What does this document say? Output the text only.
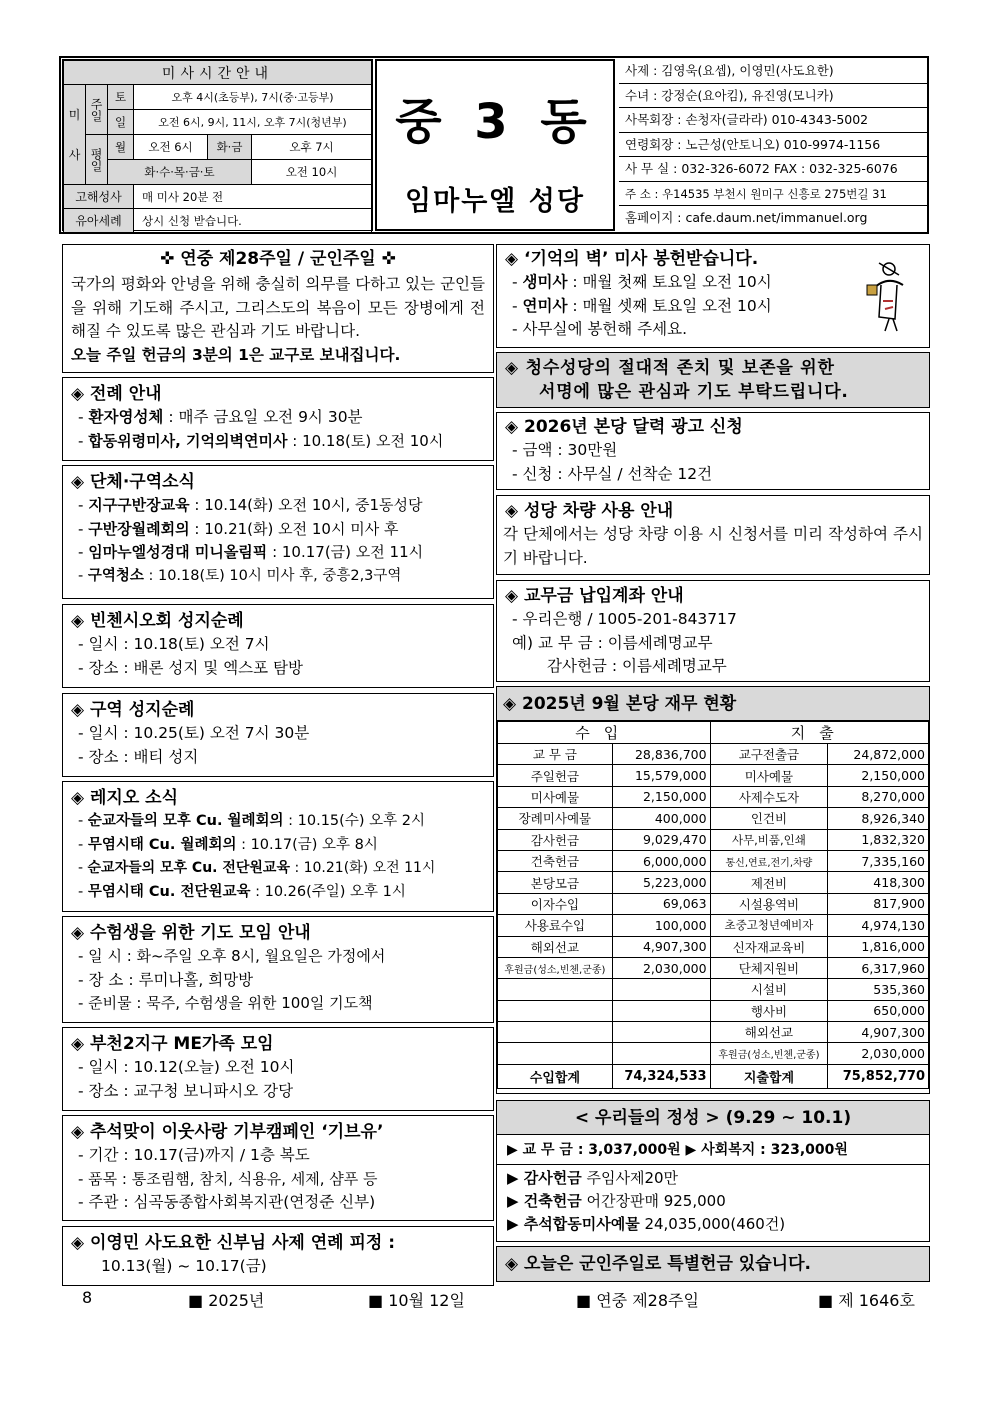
미사시간안내					
미
사	주일	토	오후 4시(초등부), 7시(중·고등부)		
		일	오전 6시, 9시, 11시, 오후 7시(청년부)		
	평일	월	오전 6시	화·금	오후 7시
		화·수·목·금·토			오전 10시
고해성사			매 미사 20분 전		
유아세례			상시 신청 받습니다.		
중 3 동
임마누엘 성당
사제 : 김영욱(요셉), 이영민(사도요한)
수녀 : 강정순(요아킴), 유진영(모니카)
사목회장 : 손청자(글라라) 010-4343-5002
연령회장 : 노근성(안토니오) 010-9974-1156
사 무 실 : 032-326-6072 FAX : 032-325-6076
주 소 : 우14535 부천시 원미구 신흥로 275번길 31
홈페이지 : cafe.daum.net/immanuel.org
✜ 연중 제28주일 / 군인주일 ✜
국가의 평화와 안녕을 위해 충실히 의무를 다하고 있는 군인들을 위해 기도해 주시고, 그리스도의 복음이 모든 장병에게 전해질 수 있도록 많은 관심과 기도 바랍니다.
오늘 주일 헌금의 3분의 1은 교구로 보내집니다.
◈ 전례 안내
- 환자영성체 : 매주 금요일 오전 9시 30분
- 합동위령미사, 기억의벽연미사 : 10.18(토) 오전 10시
◈ 단체·구역소식
- 지구구반장교육 : 10.14(화) 오전 10시, 중1동성당
- 구반장월례회의 : 10.21(화) 오전 10시 미사 후
- 임마누엘성경대 미니올림픽 : 10.17(금) 오전 11시
- 구역청소 : 10.18(토) 10시 미사 후, 중흥2,3구역
◈ 빈첸시오회 성지순례
- 일시 : 10.18(토) 오전 7시
- 장소 : 배론 성지 및 엑스포 탐방
◈ 구역 성지순례
- 일시 : 10.25(토) 오전 7시 30분
- 장소 : 배티 성지
◈ 레지오 소식
- 순교자들의 모후 Cu. 월례회의 : 10.15(수) 오후 2시
- 무염시태 Cu. 월례회의 : 10.17(금) 오후 8시
- 순교자들의 모후 Cu. 전단원교육 : 10.21(화) 오전 11시
- 무염시태 Cu. 전단원교육 : 10.26(주일) 오후 1시
◈ 수험생을 위한 기도 모임 안내
- 일 시 : 화~주일 오후 8시, 월요일은 가정에서
- 장 소 : 루미나홀, 희망방
- 준비물 : 묵주, 수험생을 위한 100일 기도책
◈ 부천2지구 ME가족 모임
- 일시 : 10.12(오늘) 오전 10시
- 장소 : 교구청 보니파시오 강당
◈ 추석맞이 이웃사랑 기부캠페인 ‘기브유’
- 기간 : 10.17(금)까지 / 1층 복도
- 품목 : 통조림햄, 참치, 식용유, 세제, 샴푸 등
- 주관 : 심곡동종합사회복지관(연정준 신부)
◈ 이영민 사도요한 신부님 사제 연례 피정 :
10.13(월) ~ 10.17(금)
◈ ‘기억의 벽’ 미사 봉헌받습니다.
- 생미사 : 매월 첫째 토요일 오전 10시
- 연미사 : 매월 셋째 토요일 오전 10시
- 사무실에 봉헌해 주세요.
◈ 청수성당의 절대적 존치 및 보존을 위한
서명에 많은 관심과 기도 부탁드립니다.
◈ 2026년 본당 달력 광고 신청
- 금액 : 30만원
- 신청 : 사무실 / 선착순 12건
◈ 성당 차량 사용 안내
각 단체에서는 성당 차량 이용 시 신청서를 미리 작성하여 주시기 바랍니다.
◈ 교무금 납입계좌 안내
- 우리은행 / 1005-201-843717
예) 교 무 금 : 이름세례명교무
감사헌금 : 이름세례명교무
◈ 2025년 9월 본당 재무 현황
수입		지출	
교 무 금	28,836,700	교구전출금	24,872,000
주일헌금	15,579,000	미사예물	2,150,000
미사예물	2,150,000	사제수도자	8,270,000
장례미사예물	400,000	인건비	8,926,340
감사헌금	9,029,470	사무,비품,인쇄	1,832,320
건축헌금	6,000,000	통신,연료,전기,차량	7,335,160
본당모금	5,223,000	제전비	418,300
이자수입	69,063	시설용역비	817,900
사용료수입	100,000	초중고청년예비자	4,974,130
해외선교	4,907,300	신자재교육비	1,816,000
후원금(성소,빈첸,군종)	2,030,000	단체지원비	6,317,960
		시설비	535,360
		행사비	650,000
		해외선교	4,907,300
		후원금(성소,빈첸,군종)	2,030,000
수입합계	74,324,533	지출합계	75,852,770
< 우리들의 정성 > (9.29 ~ 10.1)
▶ 교 무 금 : 3,037,000원 ▶ 사회복지 : 323,000원
▶ 감사헌금 주임사제20만
▶ 건축헌금 어간장판매 925,000
▶ 추석합동미사예물 24,035,000(460건)
◈ 오늘은 군인주일로 특별헌금 있습니다.
8	■ 2025년	■ 10월 12일	■ 연중 제28주일	■ 제 1646호
